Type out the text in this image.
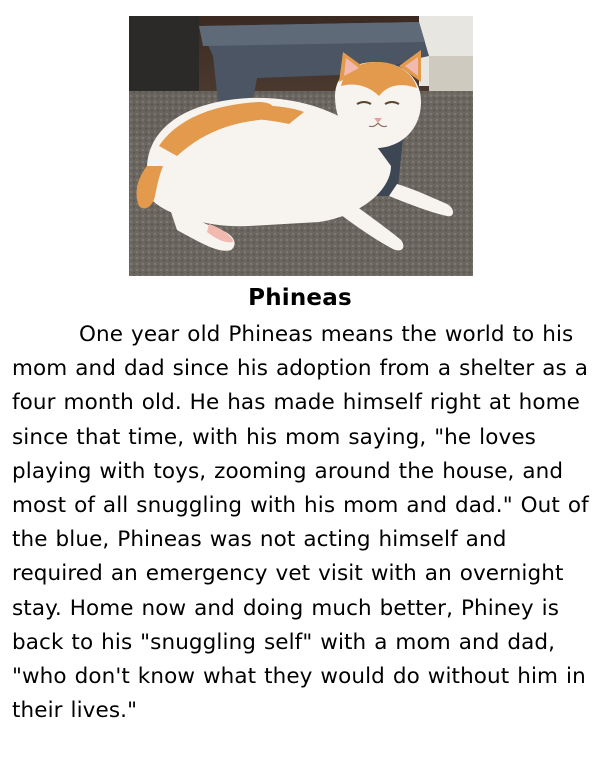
Phineas

One year old Phineas means the world to his mom and dad since his adoption from a shelter as a four month old. He has made himself right at home since that time, with his mom saying, "he loves playing with toys, zooming around the house, and most of all snuggling with his mom and dad." Out of the blue, Phineas was not acting himself and required an emergency vet visit with an overnight stay. Home now and doing much better, Phiney is back to his "snuggling self" with a mom and dad, "who don't know what they would do without him in their lives."
